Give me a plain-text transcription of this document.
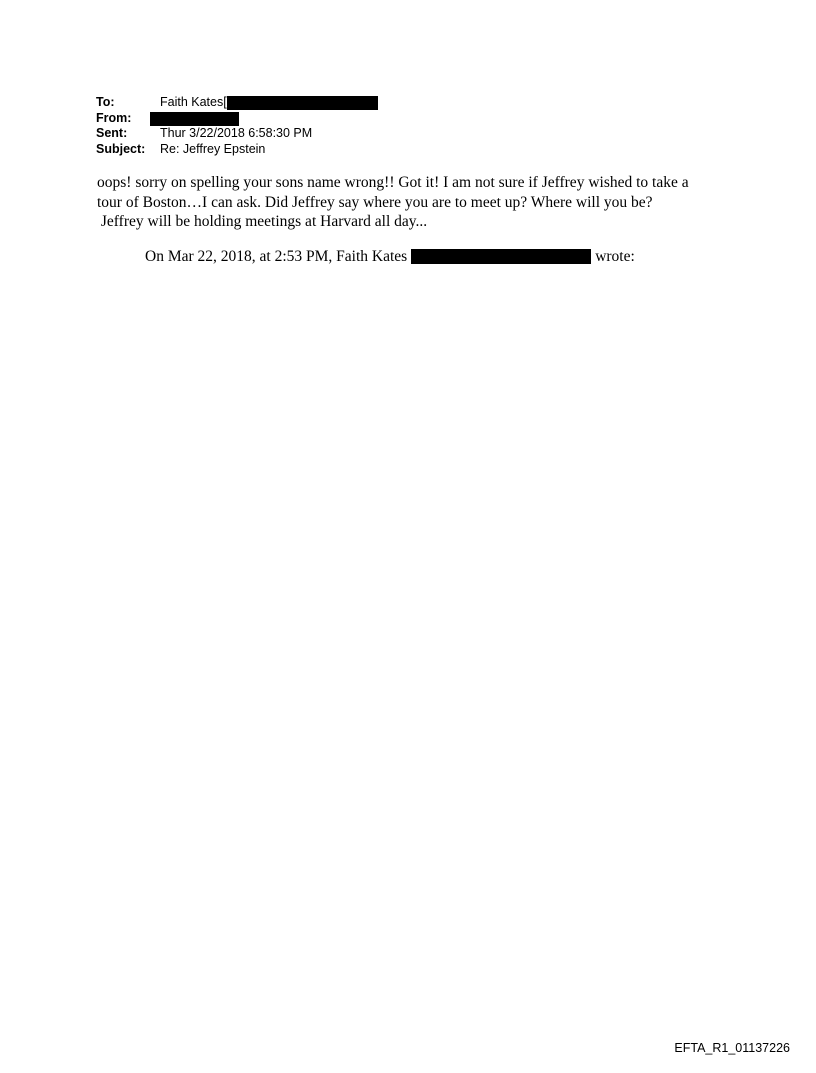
To:	Faith Kates[
From:
Sent:	Thur 3/22/2018 6:58:30 PM
Subject: Re: Jeffrey Epstein

oops! sorry on spelling your sons name wrong!! Got it! I am not sure if Jeffrey wished to take a

tour of Boston…I can ask. Did Jeffrey say where you are to meet up? Where will you be?

Jeffrey will be holding meetings at Harvard all day...

On Mar 22, 2018, at 2:53 PM, Faith Kates	wrote:
EFTA_R1_01137226
